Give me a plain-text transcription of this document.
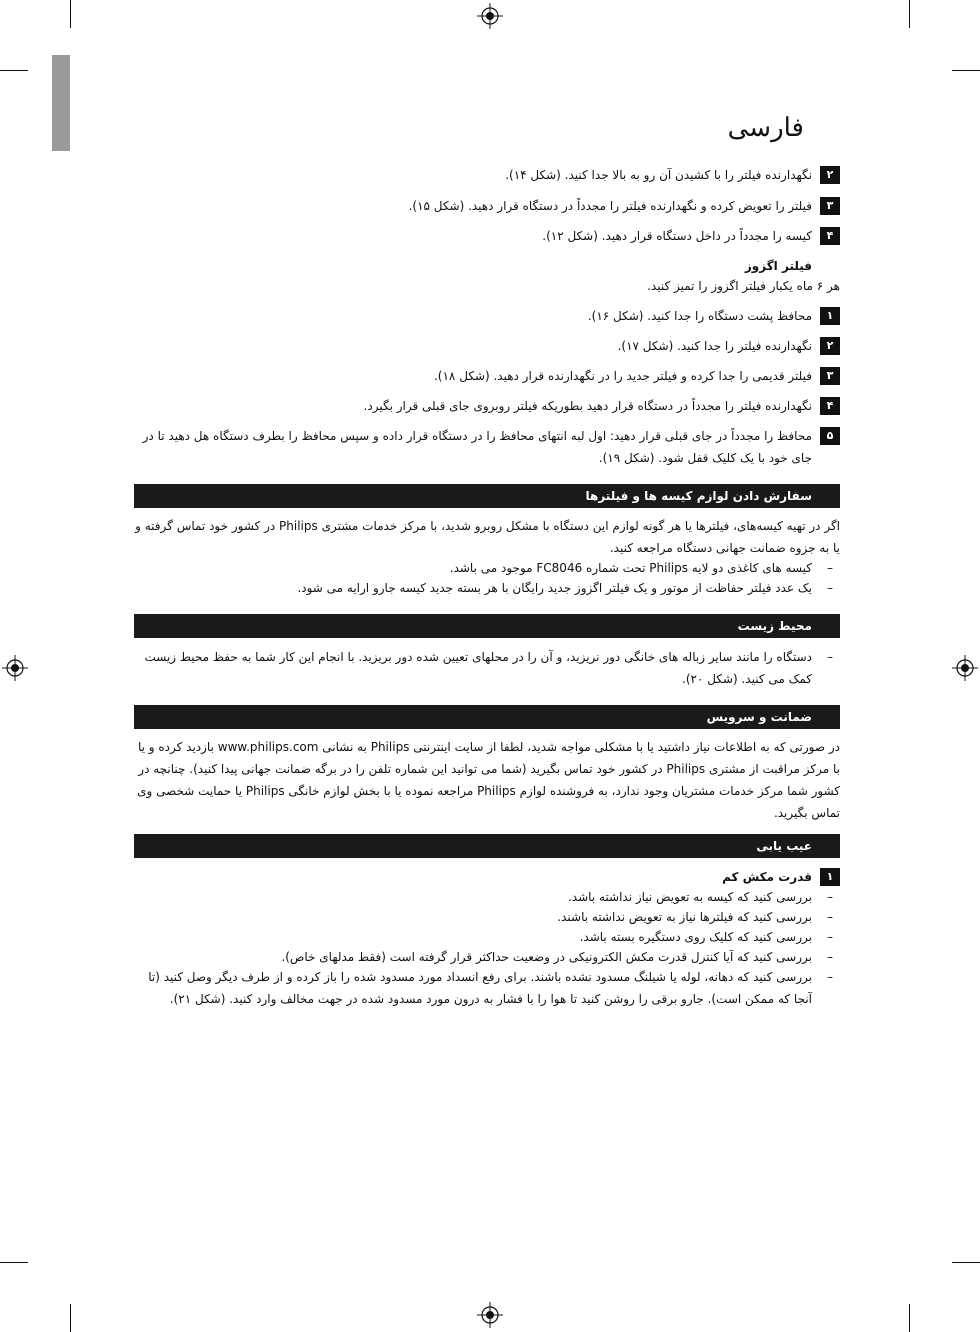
فارسی
۲
نگهدارنده فیلتر را با کشیدن آن رو به بالا جدا کنید. (شکل ۱۴).
۳
فیلتر را تعویض کرده و نگهدارنده فیلتر را مجدداً در دستگاه قرار دهید. (شکل ۱۵).
۴
کیسه را مجدداً در داخل دستگاه قرار دهید. (شکل ۱۲).
فیلتر اگزوز
هر ۶ ماه یکبار فیلتر اگزوز را تمیز کنید.
۱
محافظ پشت دستگاه را جدا کنید. (شکل ۱۶).
۲
نگهدارنده فیلتر را جدا کنید. (شکل ۱۷).
۳
فیلتر قدیمی را جدا کرده و فیلتر جدید را در نگهدارنده قرار دهید. (شکل ۱۸).
۴
نگهدارنده فیلتر را مجدداً در دستگاه قرار دهید بطوریکه فیلتر روبروی جای قبلی قرار بگیرد.
۵
محافظ را مجدداً در جای قبلی قرار دهید: اول لبه انتهای محافظ را در دستگاه قرار داده و سپس محافظ را بطرف دستگاه هل دهید تا در جای خود با یک کلیک قفل شود. (شکل ۱۹).
سفارش دادن لوازم کیسه ها و فیلترها
اگر در تهیه کیسه‌های، فیلترها یا هر گونه لوازم این دستگاه با مشکل روبرو شدید، با مرکز خدمات مشتری Philips در کشور خود تماس گرفته و یا به جزوه ضمانت جهانی دستگاه مراجعه کنید.
–
کیسه های کاغذی دو لایه Philips تحت شماره FC8046 موجود می باشد.
–
یک عدد فیلتر حفاظت از موتور و یک فیلتر اگزوز جدید رایگان با هر بسته جدید کیسه جارو ارایه می شود.
محیط زیست
–
دستگاه را مانند سایر زباله های خانگی دور نریزید، و آن را در محلهای تعیین شده دور بریزید. با انجام این کار شما به حفظ محیط زیست کمک می کنید. (شکل ۲۰).
ضمانت و سرویس
در صورتی که به اطلاعات نیاز داشتید یا با مشکلی مواجه شدید، لطفا از سایت اینترنتی Philips به نشانی www.philips.com بازدید کرده و یا با مرکز مراقبت از مشتری Philips در کشور خود تماس بگیرید (شما می توانید این شماره تلفن را در برگه ضمانت جهانی پیدا کنید). چنانچه در کشور شما مرکز خدمات مشتریان وجود ندارد، به فروشنده لوازم Philips مراجعه نموده یا با بخش لوازم خانگی Philips یا حمایت شخصی وی تماس بگیرید.
عیب یابی
۱
قدرت مکش کم
–
بررسی کنید که کیسه به تعویض نیاز نداشته باشد.
–
بررسی کنید که فیلترها نیاز به تعویض نداشته باشند.
–
بررسی کنید که کلیک روی دستگیره بسته باشد.
–
بررسی کنید که آیا کنترل قدرت مکش الکترونیکی در وضعیت حداکثر قرار گرفته است (فقط مدلهای خاص).
–
بررسی کنید که دهانه، لوله یا شیلنگ مسدود نشده باشند. برای رفع انسداد مورد مسدود شده را باز کرده و از طرف دیگر وصل کنید (تا آنجا که ممکن است). جارو برقی را روشن کنید تا هوا را با فشار به درون مورد مسدود شده در جهت مخالف وارد کنید. (شکل ۲۱).
